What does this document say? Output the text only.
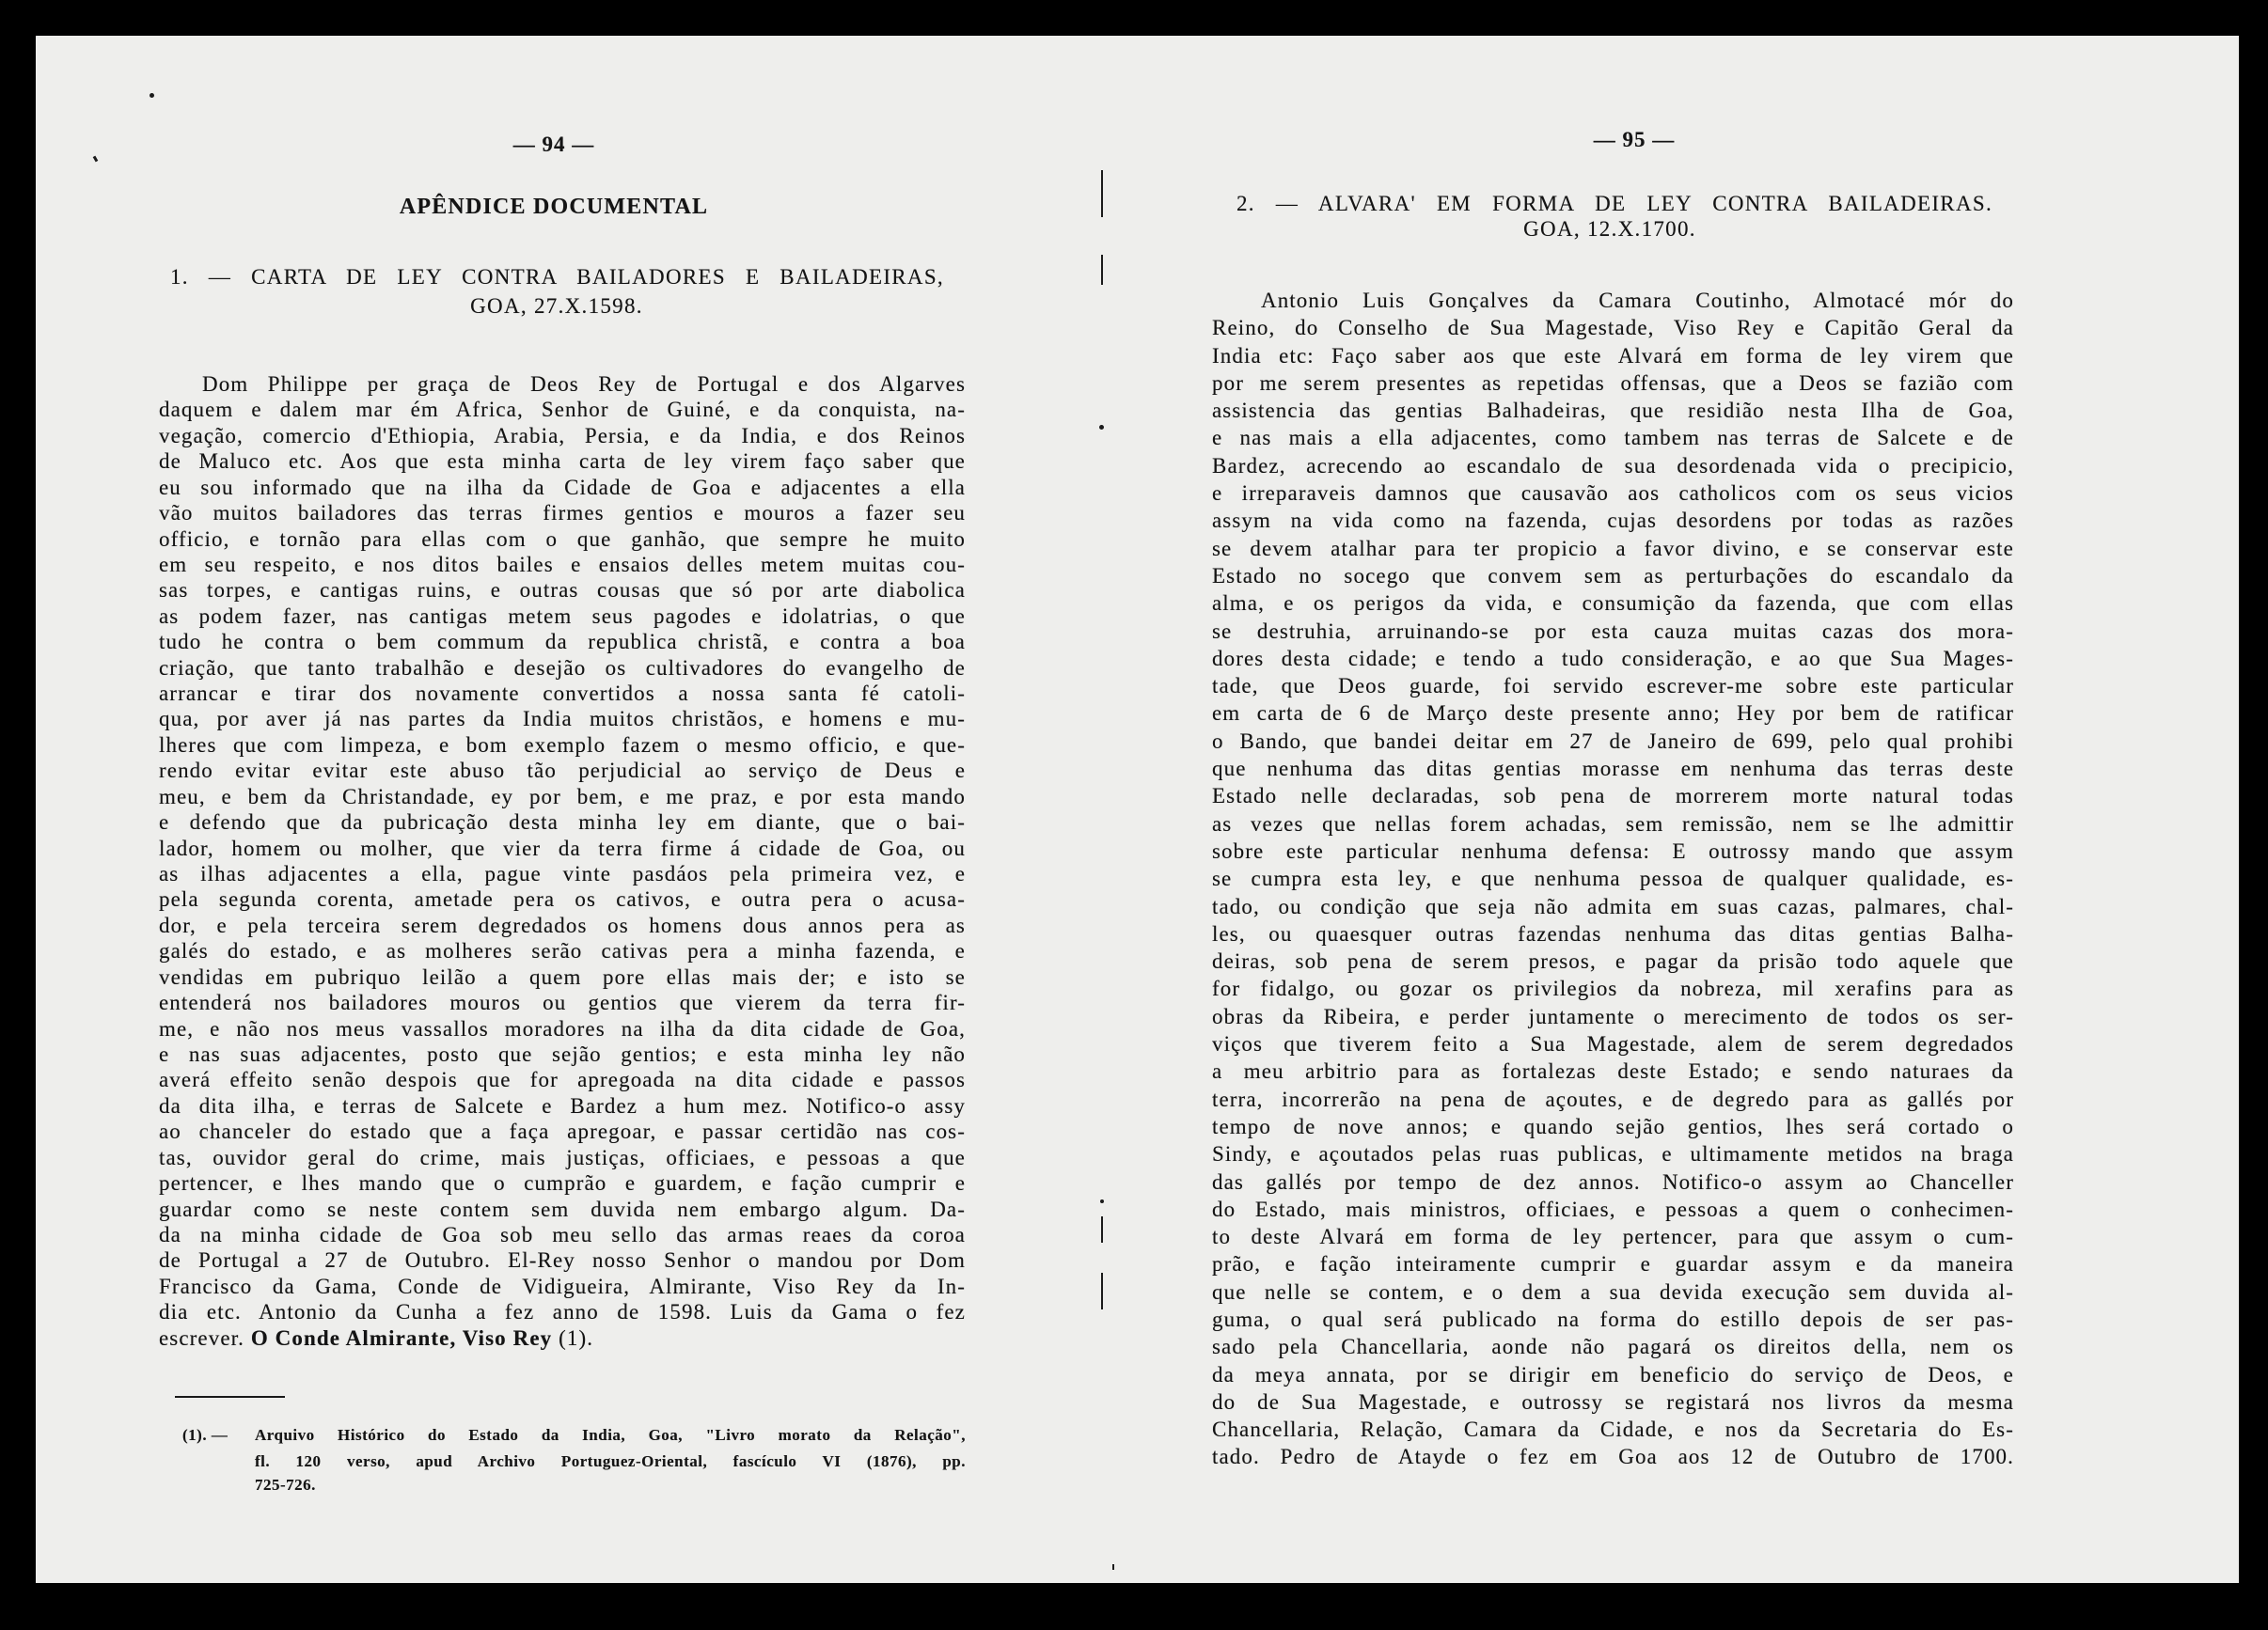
— 94 —
APÊNDICE DOCUMENTAL
1. — CARTA DE LEY CONTRA BAILADORES E BAILADEIRAS,
GOA, 27.X.1598.
Dom Philippe per graça de Deos Rey de Portugal e dos Algarves
daquem e dalem mar ém Africa, Senhor de Guiné, e da conquista, na-
vegação, comercio d'Ethiopia, Arabia, Persia, e da India, e dos Reinos
de Maluco etc. Aos que esta minha carta de ley virem faço saber que
eu sou informado que na ilha da Cidade de Goa e adjacentes a ella
vão muitos bailadores das terras firmes gentios e mouros a fazer seu
officio, e tornão para ellas com o que ganhão, que sempre he muito
em seu respeito, e nos ditos bailes e ensaios delles metem muitas cou-
sas torpes, e cantigas ruins, e outras cousas que só por arte diabolica
as podem fazer, nas cantigas metem seus pagodes e idolatrias, o que
tudo he contra o bem commum da republica christã, e contra a boa
criação, que tanto trabalhão e desejão os cultivadores do evangelho de
arrancar e tirar dos novamente convertidos a nossa santa fé catoli-
qua, por aver já nas partes da India muitos christãos, e homens e mu-
lheres que com limpeza, e bom exemplo fazem o mesmo officio, e que-
rendo evitar evitar este abuso tão perjudicial ao serviço de Deus e
meu, e bem da Christandade, ey por bem, e me praz, e por esta mando
e defendo que da pubricação desta minha ley em diante, que o bai-
lador, homem ou molher, que vier da terra firme á cidade de Goa, ou
as ilhas adjacentes a ella, pague vinte pasdáos pela primeira vez, e
pela segunda corenta, ametade pera os cativos, e outra pera o acusa-
dor, e pela terceira serem degredados os homens dous annos pera as
galés do estado, e as molheres serão cativas pera a minha fazenda, e
vendidas em pubriquo leilão a quem pore ellas mais der; e isto se
entenderá nos bailadores mouros ou gentios que vierem da terra fir-
me, e não nos meus vassallos moradores na ilha da dita cidade de Goa,
e nas suas adjacentes, posto que sejão gentios; e esta minha ley não
averá effeito senão despois que for apregoada na dita cidade e passos
da dita ilha, e terras de Salcete e Bardez a hum mez. Notifico-o assy
ao chanceler do estado que a faça apregoar, e passar certidão nas cos-
tas, ouvidor geral do crime, mais justiças, officiaes, e pessoas a que
pertencer, e lhes mando que o cumprão e guardem, e fação cumprir e
guardar como se neste contem sem duvida nem embargo algum. Da-
da na minha cidade de Goa sob meu sello das armas reaes da coroa
de Portugal a 27 de Outubro. El-Rey nosso Senhor o mandou por Dom
Francisco da Gama, Conde de Vidigueira, Almirante, Viso Rey da In-
dia etc. Antonio da Cunha a fez anno de 1598. Luis da Gama o fez
escrever. O Conde Almirante, Viso Rey (1).
(1). —	Arquivo Histórico do Estado da India, Goa, "Livro morato da Relação",
fl. 120 verso, apud Archivo Portuguez-Oriental, fascículo VI (1876), pp.
725-726.
— 95 —
2. — ALVARA' EM FORMA DE LEY CONTRA BAILADEIRAS.
GOA, 12.X.1700.
Antonio Luis Gonçalves da Camara Coutinho, Almotacé mór do
Reino, do Conselho de Sua Magestade, Viso Rey e Capitão Geral da
India etc: Faço saber aos que este Alvará em forma de ley virem que
por me serem presentes as repetidas offensas, que a Deos se fazião com
assistencia das gentias Balhadeiras, que residião nesta Ilha de Goa,
e nas mais a ella adjacentes, como tambem nas terras de Salcete e de
Bardez, acrecendo ao escandalo de sua desordenada vida o precipicio,
e irreparaveis damnos que causavão aos catholicos com os seus vicios
assym na vida como na fazenda, cujas desordens por todas as razões
se devem atalhar para ter propicio a favor divino, e se conservar este
Estado no socego que convem sem as perturbações do escandalo da
alma, e os perigos da vida, e consumição da fazenda, que com ellas
se destruhia, arruinando-se por esta cauza muitas cazas dos mora-
dores desta cidade; e tendo a tudo consideração, e ao que Sua Mages-
tade, que Deos guarde, foi servido escrever-me sobre este particular
em carta de 6 de Março deste presente anno; Hey por bem de ratificar
o Bando, que bandei deitar em 27 de Janeiro de 699, pelo qual prohibi
que nenhuma das ditas gentias morasse em nenhuma das terras deste
Estado nelle declaradas, sob pena de morrerem morte natural todas
as vezes que nellas forem achadas, sem remissão, nem se lhe admittir
sobre este particular nenhuma defensa: E outrossy mando que assym
se cumpra esta ley, e que nenhuma pessoa de qualquer qualidade, es-
tado, ou condição que seja não admita em suas cazas, palmares, chal-
les, ou quaesquer outras fazendas nenhuma das ditas gentias Balha-
deiras, sob pena de serem presos, e pagar da prisão todo aquele que
for fidalgo, ou gozar os privilegios da nobreza, mil xerafins para as
obras da Ribeira, e perder juntamente o merecimento de todos os ser-
viços que tiverem feito a Sua Magestade, alem de serem degredados
a meu arbitrio para as fortalezas deste Estado; e sendo naturaes da
terra, incorrerão na pena de açoutes, e de degredo para as gallés por
tempo de nove annos; e quando sejão gentios, lhes será cortado o
Sindy, e açoutados pelas ruas publicas, e ultimamente metidos na braga
das gallés por tempo de dez annos. Notifico-o assym ao Chanceller
do Estado, mais ministros, officiaes, e pessoas a quem o conhecimen-
to deste Alvará em forma de ley pertencer, para que assym o cum-
prão, e fação inteiramente cumprir e guardar assym e da maneira
que nelle se contem, e o dem a sua devida execução sem duvida al-
guma, o qual será publicado na forma do estillo depois de ser pas-
sado pela Chancellaria, aonde não pagará os direitos della, nem os
da meya annata, por se dirigir em beneficio do serviço de Deos, e
do de Sua Magestade, e outrossy se registará nos livros da mesma
Chancellaria, Relação, Camara da Cidade, e nos da Secretaria do Es-
tado. Pedro de Atayde o fez em Goa aos 12 de Outubro de 1700.
